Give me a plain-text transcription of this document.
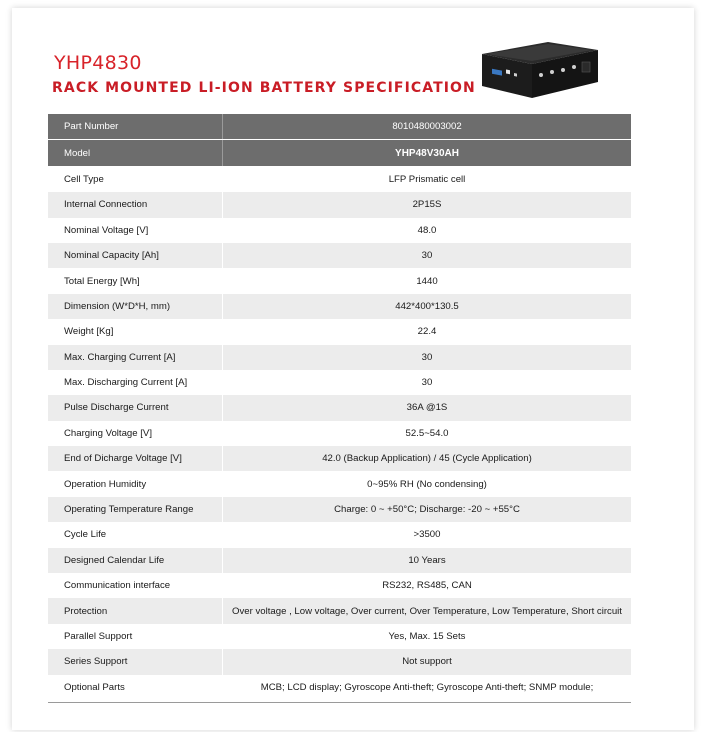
YHP4830
RACK MOUNTED LI-ION BATTERY SPECIFICATION
Part Number	8010480003002
Model	YHP48V30AH
Cell Type	LFP Prismatic cell
Internal Connection	2P15S
Nominal Voltage [V]	48.0
Nominal Capacity [Ah]	30
Total Energy [Wh]	1440
Dimension (W*D*H, mm)	442*400*130.5
Weight [Kg]	22.4
Max. Charging Current [A]	30
Max. Discharging Current [A]	30
Pulse Discharge Current	36A @1S
Charging Voltage [V]	52.5~54.0
End of Dicharge Voltage [V]	42.0 (Backup Application) / 45 (Cycle Application)
Operation Humidity	0~95% RH (No condensing)
Operating Temperature Range	Charge: 0 ~ +50°C; Discharge: -20 ~ +55°C
Cycle Life	>3500
Designed Calendar Life	10 Years
Communication interface	RS232, RS485, CAN
Protection	Over voltage , Low voltage, Over current, Over Temperature, Low Temperature, Short circuit
Parallel Support	Yes, Max. 15 Sets
Series Support	Not support
Optional Parts	MCB; LCD display; Gyroscope Anti-theft; Gyroscope Anti-theft; SNMP module;
